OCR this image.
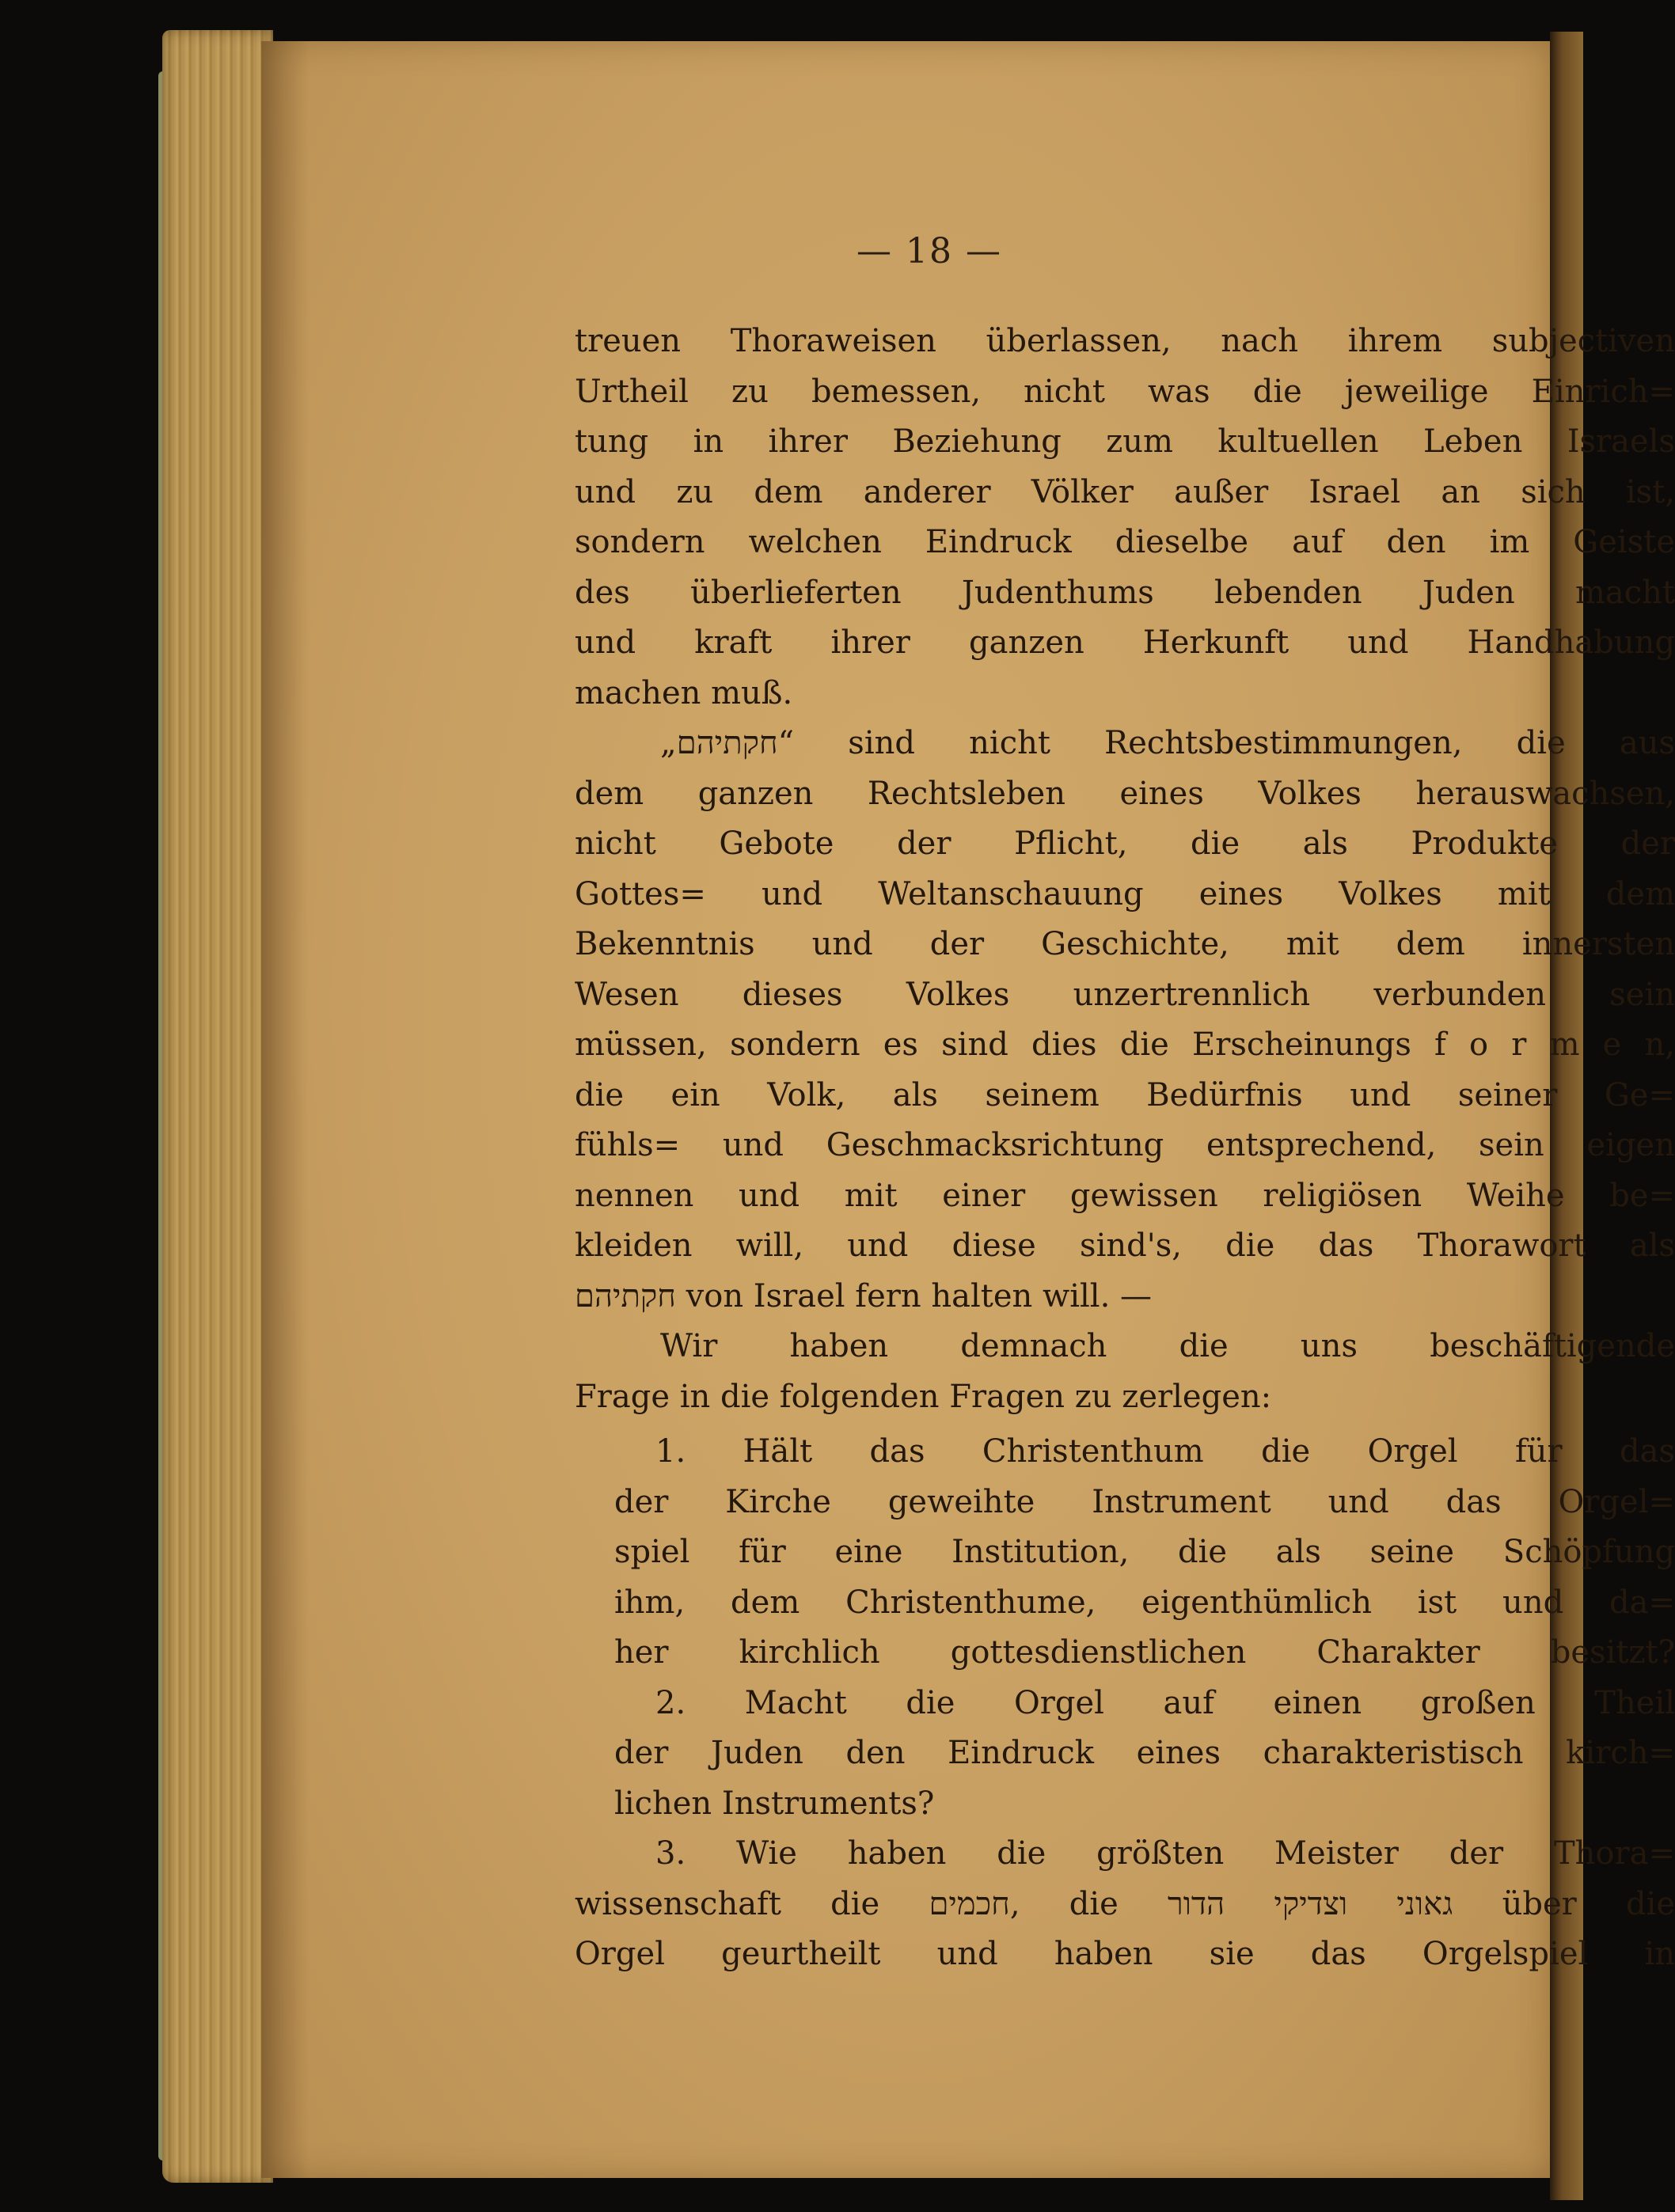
— 18 —
treuen Thoraweisen überlassen, nach ihrem subjectiven
Urtheil zu bemessen, nicht was die jeweilige Einrich=
tung in ihrer Beziehung zum kultuellen Leben Israels
und zu dem anderer Völker außer Israel an sich ist,
sondern welchen Eindruck dieselbe auf den im Geiste
des überlieferten Judenthums lebenden Juden macht
und kraft ihrer ganzen Herkunft und Handhabung
machen muß.
„חקתיהם“ sind nicht Rechtsbestimmungen, die aus
dem ganzen Rechtsleben eines Volkes herauswachsen,
nicht Gebote der Pflicht, die als Produkte der
Gottes= und Weltanschauung eines Volkes mit dem
Bekenntnis und der Geschichte, mit dem innersten
Wesen dieses Volkes unzertrennlich verbunden sein
müssen, sondern es sind dies die Erscheinungs f o r m e n,
die ein Volk, als seinem Bedürfnis und seiner Ge=
fühls= und Geschmacksrichtung entsprechend, sein eigen
nennen und mit einer gewissen religiösen Weihe be=
kleiden will, und diese sind's, die das Thorawort als
חקתיהם von Israel fern halten will. —
Wir haben demnach die uns beschäftigende
Frage in die folgenden Fragen zu zerlegen:
1. Hält das Christenthum die Orgel für das
der Kirche geweihte Instrument und das Orgel=
spiel für eine Institution, die als seine Schöpfung
ihm, dem Christenthume, eigenthümlich ist und da=
her kirchlich gottesdienstlichen Charakter besitzt?
2. Macht die Orgel auf einen großen Theil
der Juden den Eindruck eines charakteristisch kirch=
lichen Instruments?
3. Wie haben die größten Meister der Thora=
wissenschaft die חכמים, die גאוני וצדיקי הדור über die
Orgel geurtheilt und haben sie das Orgelspiel in
